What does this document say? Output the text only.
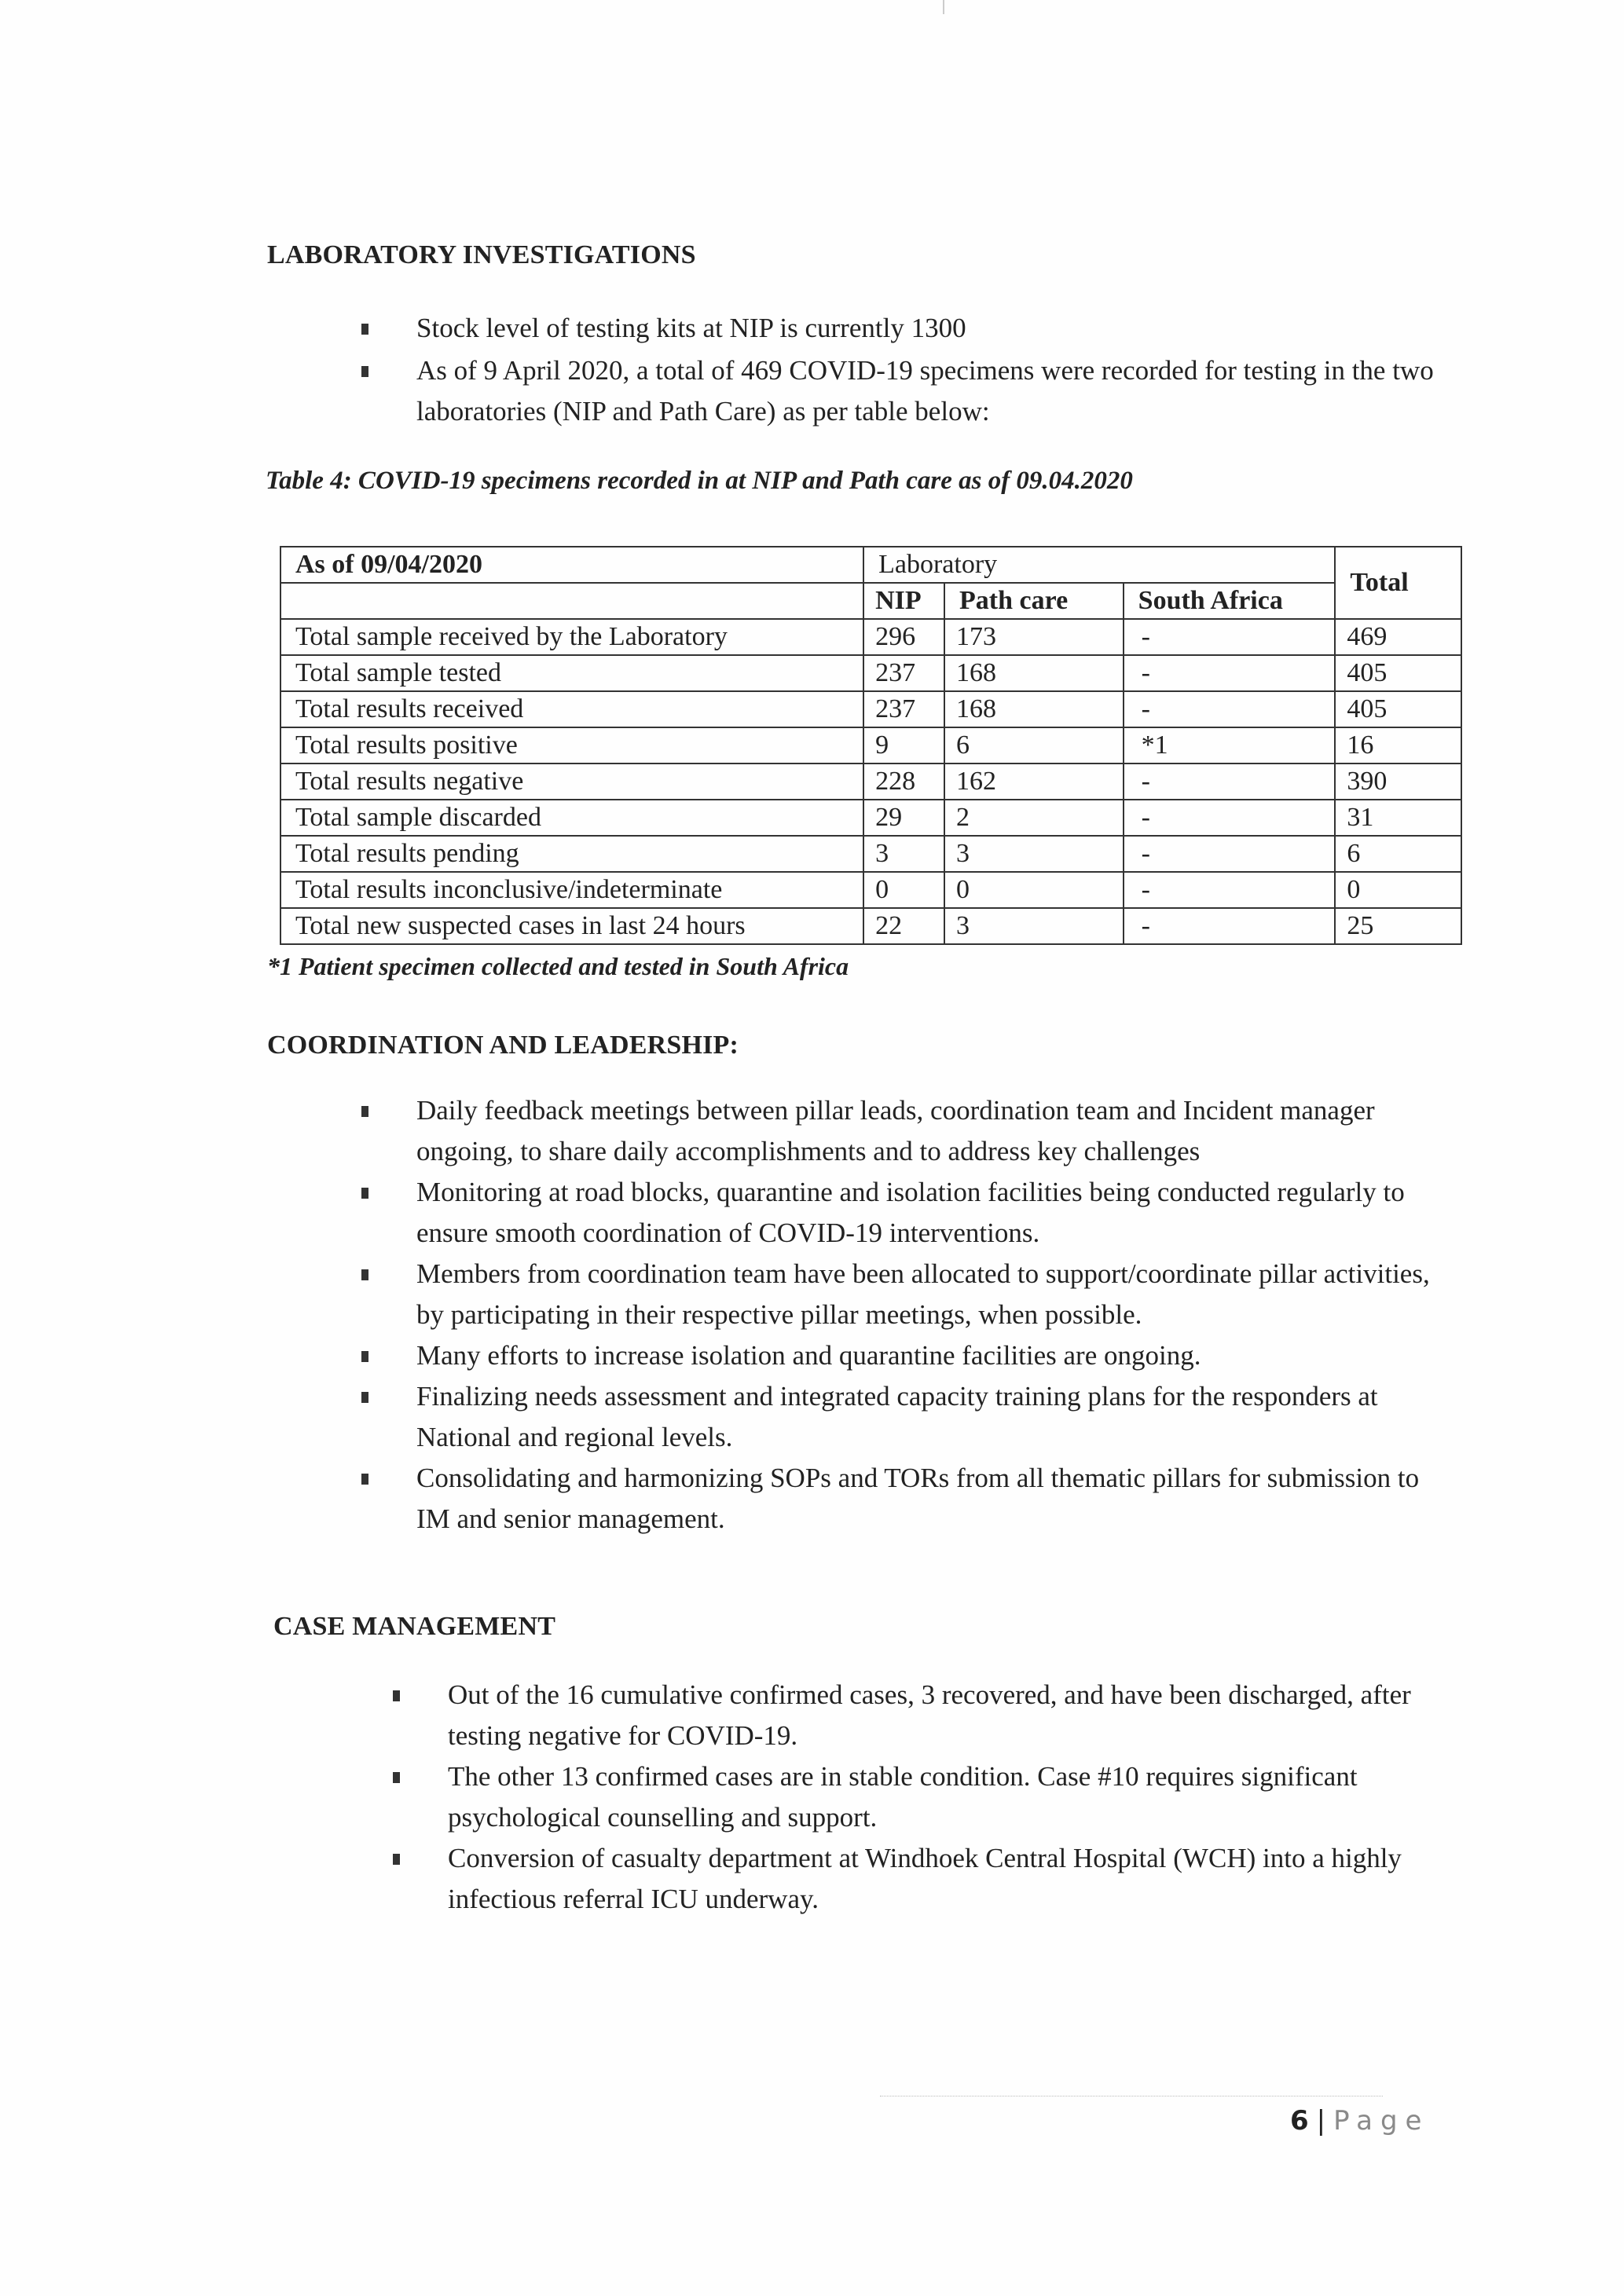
LABORATORY INVESTIGATIONS
Stock level of testing kits at NIP is currently 1300
As of 9 April 2020, a total of 469 COVID-19 specimens were recorded for testing in the two laboratories (NIP and Path Care) as per table below:
Table 4: COVID-19 specimens recorded in at NIP and Path care as of 09.04.2020
As of 09/04/2020	Laboratory			Total
	NIP	Path care	South Africa	
Total sample received by the Laboratory	296	173	-	469
Total sample tested	237	168	-	405
Total results received	237	168	-	405
Total results positive	9	6	*1	16
Total results negative	228	162	-	390
Total sample discarded	29	2	-	31
Total results pending	3	3	-	6
Total results inconclusive/indeterminate	0	0	-	0
Total new suspected cases in last 24 hours	22	3	-	25
*1 Patient specimen collected and tested in South Africa
COORDINATION AND LEADERSHIP:
Daily feedback meetings between pillar leads, coordination team and Incident manager ongoing, to share daily accomplishments and to address key challenges
Monitoring at road blocks, quarantine and isolation facilities being conducted regularly to ensure smooth coordination of COVID-19 interventions.
Members from coordination team have been allocated to support/coordinate pillar activities, by participating in their respective pillar meetings, when possible.
Many efforts to increase isolation and quarantine facilities are ongoing.
Finalizing needs assessment and integrated capacity training plans for the responders at National and regional levels.
Consolidating and harmonizing SOPs and TORs from all thematic pillars for submission to IM and senior management.
CASE MANAGEMENT
Out of the 16 cumulative confirmed cases, 3 recovered, and have been discharged, after testing negative for COVID-19.
The other 13 confirmed cases are in stable condition. Case #10 requires significant psychological counselling and support.
Conversion of casualty department at Windhoek Central Hospital (WCH) into a highly infectious referral ICU underway.
6 | Page
